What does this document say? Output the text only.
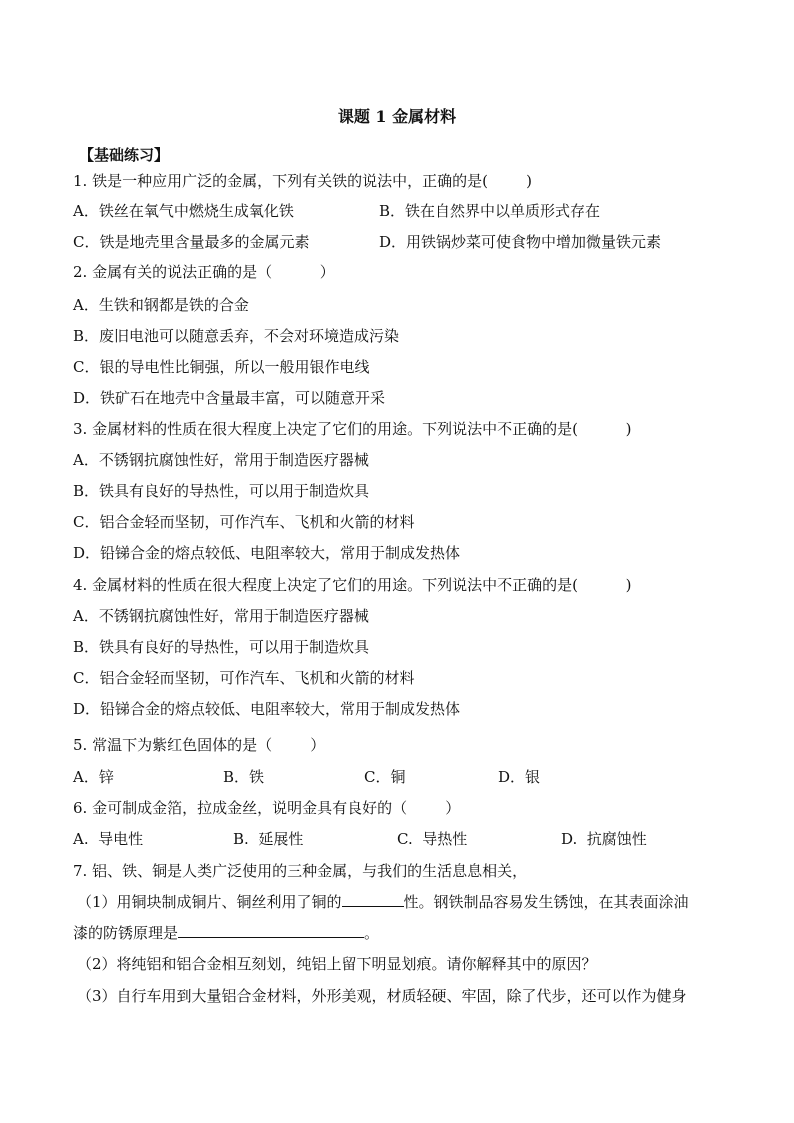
课题 1 金属材料
【基础练习】
1. 铁是一种应用广泛的金属，下列有关铁的说法中，正确的是(        )
A．铁丝在氧气中燃烧生成氧化铁	B．铁在自然界中以单质形式存在
C．铁是地壳里含量最多的金属元素	D．用铁锅炒菜可使食物中增加微量铁元素
2. 金属有关的说法正确的是（          ）
A．生铁和钢都是铁的合金
B．废旧电池可以随意丢弃，不会对环境造成污染
C．银的导电性比铜强，所以一般用银作电线
D．铁矿石在地壳中含量最丰富，可以随意开采
3. 金属材料的性质在很大程度上决定了它们的用途。下列说法中不正确的是(          )
A．不锈钢抗腐蚀性好，常用于制造医疗器械
B．铁具有良好的导热性，可以用于制造炊具
C．铝合金轻而坚韧，可作汽车、飞机和火箭的材料
D．铅锑合金的熔点较低、电阻率较大，常用于制成发热体
4. 金属材料的性质在很大程度上决定了它们的用途。下列说法中不正确的是(          )
A．不锈钢抗腐蚀性好，常用于制造医疗器械
B．铁具有良好的导热性，可以用于制造炊具
C．铝合金轻而坚韧，可作汽车、飞机和火箭的材料
D．铅锑合金的熔点较低、电阻率较大，常用于制成发热体
5. 常温下为紫红色固体的是（        ）
A．锌	B．铁	C．铜	D．银
6. 金可制成金箔，拉成金丝，说明金具有良好的（        ）
A.  导电性	B.  延展性	C.  导热性	D.  抗腐蚀性
7. 铝、铁、铜是人类广泛使用的三种金属，与我们的生活息息相关，
（1）用铜块制成铜片、铜丝利用了铜的	性。钢铁制品容易发生锈蚀，在其表面涂油
漆的防锈原理是	。
（2）将纯铝和铝合金相互刻划，纯铝上留下明显划痕。请你解释其中的原因？
（3）自行车用到大量铝合金材料，外形美观，材质轻硬、牢固，除了代步，还可以作为健身
